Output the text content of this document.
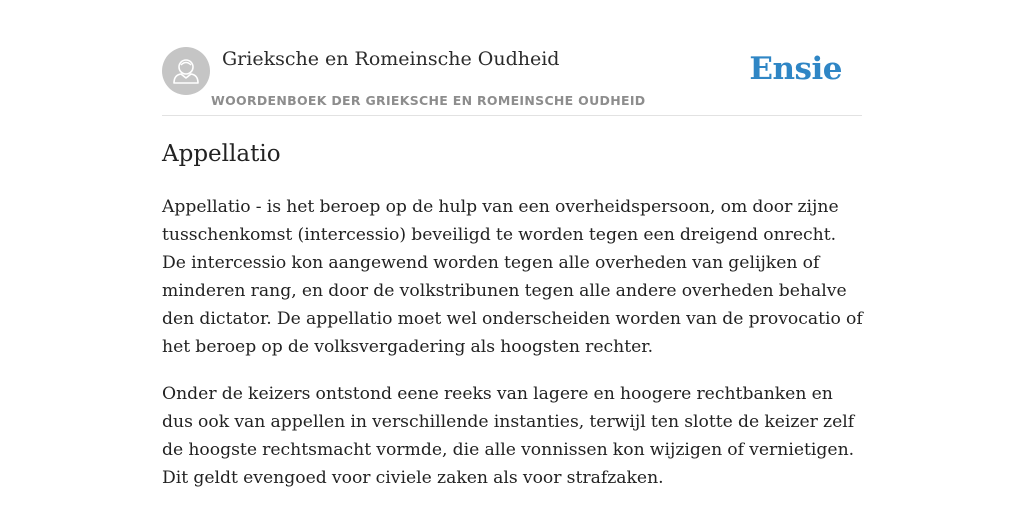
Grieksche en Romeinsche Oudheid
WOORDENBOEK DER GRIEKSCHE EN ROMEINSCHE OUDHEID
Ensie
Appellatio

Appellatio - is het beroep op de hulp van een overheidspersoon, om door zijne tusschenkomst (intercessio) beveiligd te worden tegen een dreigend onrecht. De intercessio kon aangewend worden tegen alle overheden van gelijken of minderen rang, en door de volkstribunen tegen alle andere overheden behalve den dictator. De appellatio moet wel onderscheiden worden van de provocatio of het beroep op de volksvergadering als hoogsten rechter.

Onder de keizers ontstond eene reeks van lagere en hoogere rechtbanken en dus ook van appellen in verschillende instanties, terwijl ten slotte de keizer zelf de hoogste rechtsmacht vormde, die alle vonnissen kon wijzigen of vernietigen. Dit geldt evengoed voor civiele zaken als voor strafzaken.
